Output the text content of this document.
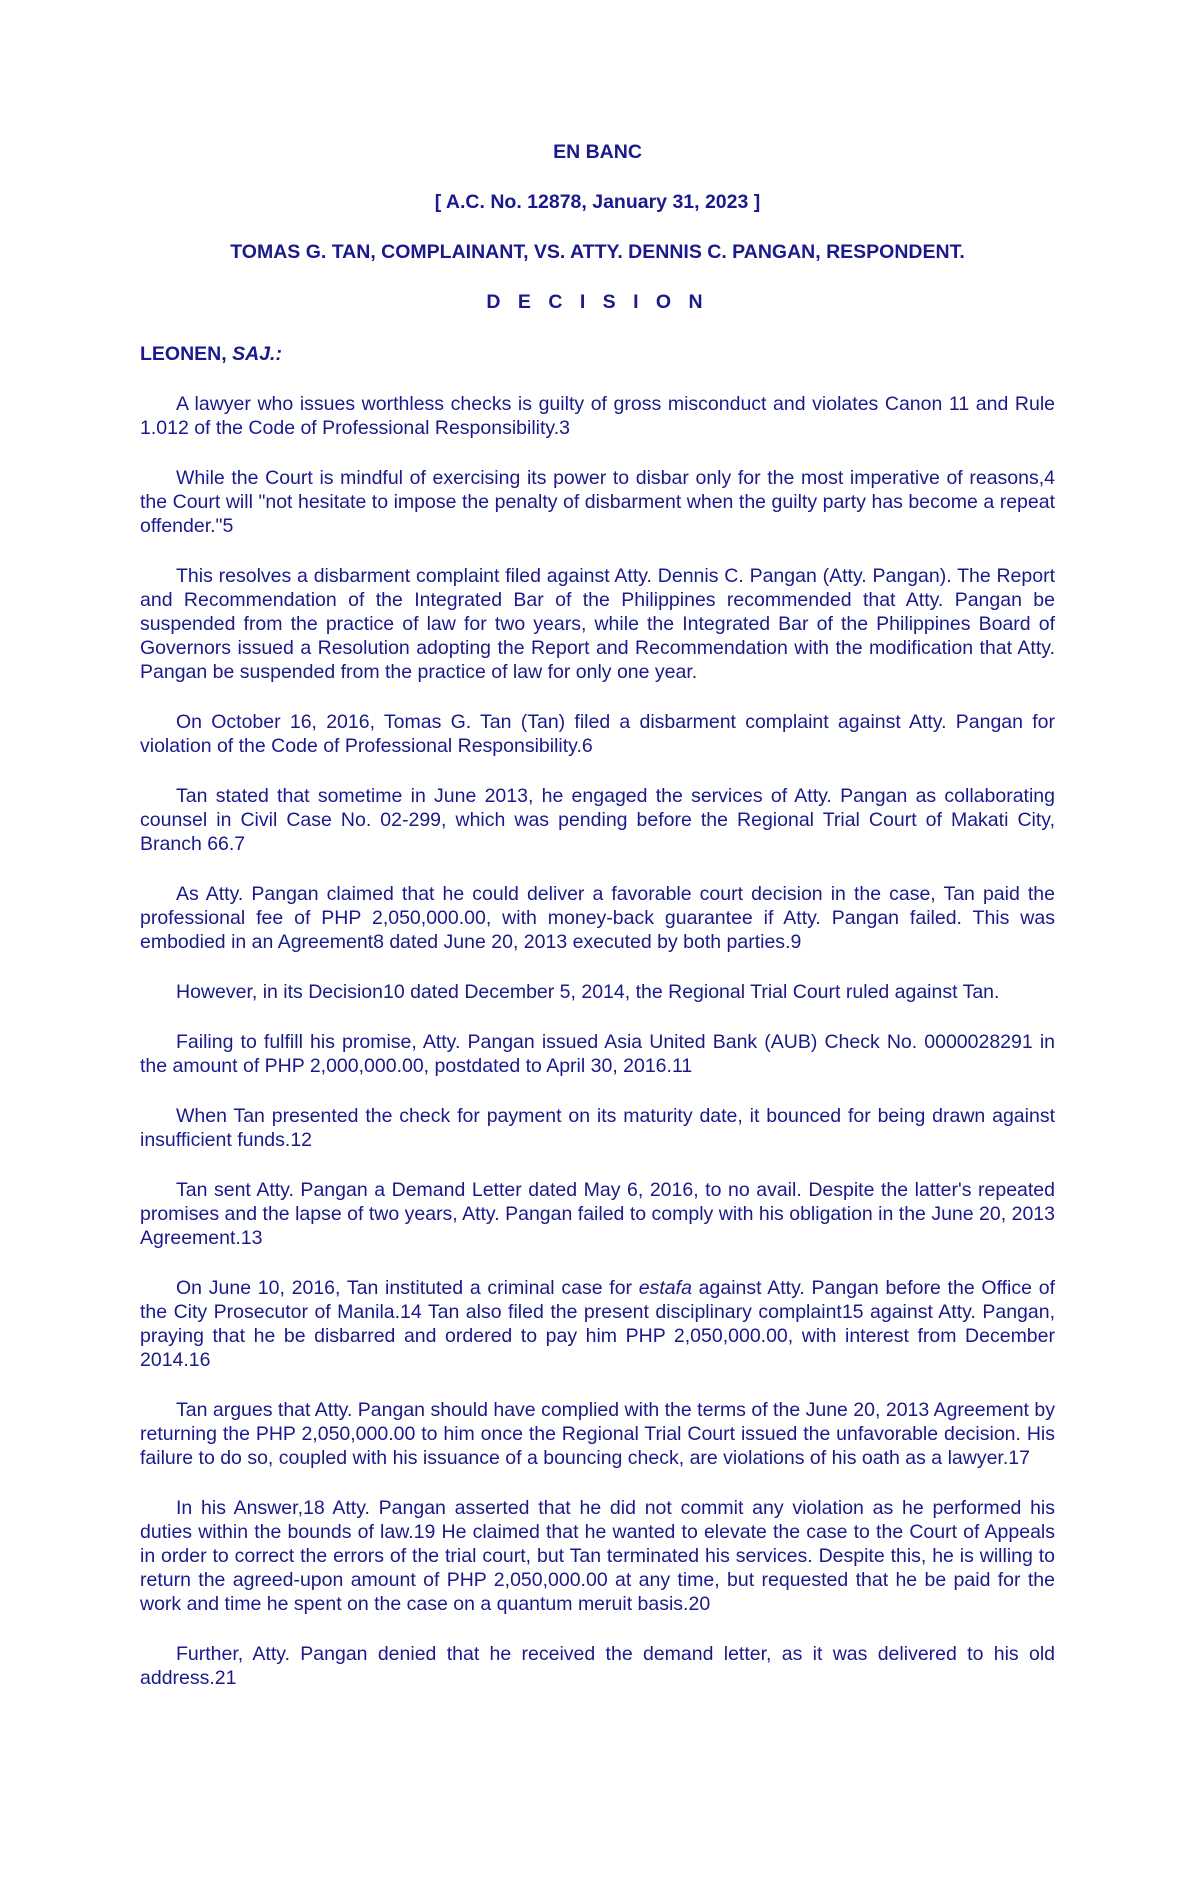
EN BANC

[ A.C. No. 12878, January 31, 2023 ]

TOMAS G. TAN, COMPLAINANT, VS. ATTY. DENNIS C. PANGAN, RESPONDENT.

D E C I S I O N

LEONEN, SAJ.:

A lawyer who issues worthless checks is guilty of gross misconduct and violates Canon 11 and Rule 1.012 of the Code of Professional Responsibility.3

While the Court is mindful of exercising its power to disbar only for the most imperative of reasons,4 the Court will "not hesitate to impose the penalty of disbarment when the guilty party has become a repeat offender."5

This resolves a disbarment complaint filed against Atty. Dennis C. Pangan (Atty. Pangan). The Report and Recommendation of the Integrated Bar of the Philippines recommended that Atty. Pangan be suspended from the practice of law for two years, while the Integrated Bar of the Philippines Board of Governors issued a Resolution adopting the Report and Recommendation with the modification that Atty. Pangan be suspended from the practice of law for only one year.

On October 16, 2016, Tomas G. Tan (Tan) filed a disbarment complaint against Atty. Pangan for violation of the Code of Professional Responsibility.6

Tan stated that sometime in June 2013, he engaged the services of Atty. Pangan as collaborating counsel in Civil Case No. 02-299, which was pending before the Regional Trial Court of Makati City, Branch 66.7

As Atty. Pangan claimed that he could deliver a favorable court decision in the case, Tan paid the professional fee of PHP 2,050,000.00, with money-back guarantee if Atty. Pangan failed. This was embodied in an Agreement8 dated June 20, 2013 executed by both parties.9

However, in its Decision10 dated December 5, 2014, the Regional Trial Court ruled against Tan.

Failing to fulfill his promise, Atty. Pangan issued Asia United Bank (AUB) Check No. 0000028291 in the amount of PHP 2,000,000.00, postdated to April 30, 2016.11

When Tan presented the check for payment on its maturity date, it bounced for being drawn against insufficient funds.12

Tan sent Atty. Pangan a Demand Letter dated May 6, 2016, to no avail. Despite the latter's repeated promises and the lapse of two years, Atty. Pangan failed to comply with his obligation in the June 20, 2013 Agreement.13

On June 10, 2016, Tan instituted a criminal case for estafa against Atty. Pangan before the Office of the City Prosecutor of Manila.14 Tan also filed the present disciplinary complaint15 against Atty. Pangan, praying that he be disbarred and ordered to pay him PHP 2,050,000.00, with interest from December 2014.16

Tan argues that Atty. Pangan should have complied with the terms of the June 20, 2013 Agreement by returning the PHP 2,050,000.00 to him once the Regional Trial Court issued the unfavorable decision. His failure to do so, coupled with his issuance of a bouncing check, are violations of his oath as a lawyer.17

In his Answer,18 Atty. Pangan asserted that he did not commit any violation as he performed his duties within the bounds of law.19 He claimed that he wanted to elevate the case to the Court of Appeals in order to correct the errors of the trial court, but Tan terminated his services. Despite this, he is willing to return the agreed-upon amount of PHP 2,050,000.00 at any time, but requested that he be paid for the work and time he spent on the case on a quantum meruit basis.20

Further, Atty. Pangan denied that he received the demand letter, as it was delivered to his old address.21
